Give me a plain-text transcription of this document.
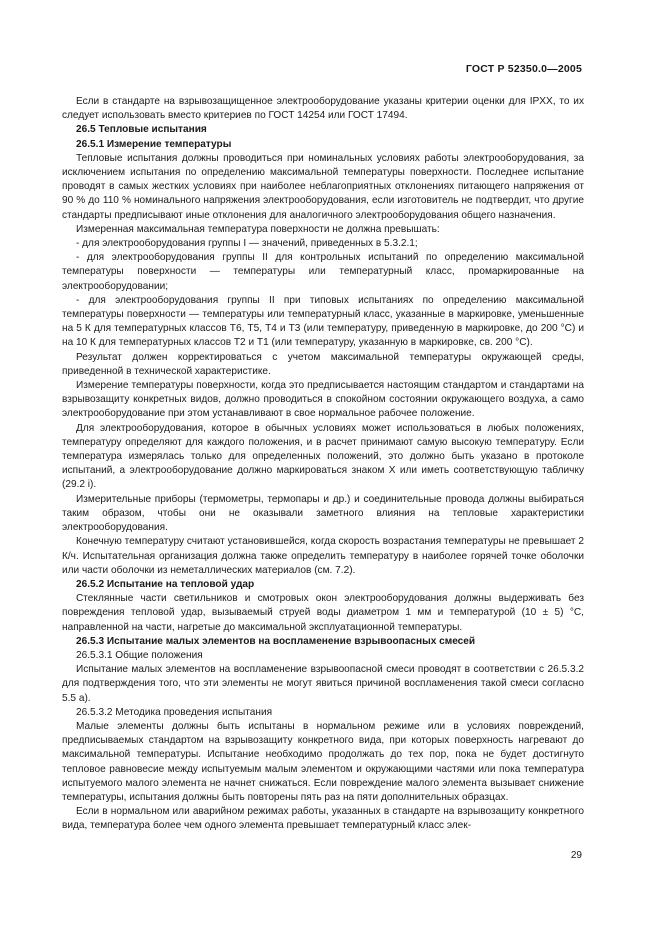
ГОСТ Р 52350.0—2005

Если в стандарте на взрывозащищенное электрооборудование указаны критерии оценки для IPXX, то их следует использовать вместо критериев по ГОСТ 14254 или ГОСТ 17494.

26.5 Тепловые испытания

26.5.1 Измерение температуры

Тепловые испытания должны проводиться при номинальных условиях работы электрооборудования, за исключением испытания по определению максимальной температуры поверхности. Последнее испытание проводят в самых жестких условиях при наиболее неблагоприятных отклонениях питающего напряжения от 90 % до 110 % номинального напряжения электрооборудования, если изготовитель не подтвердит, что другие стандарты предписывают иные отклонения для аналогичного электрооборудования общего назначения.

Измеренная максимальная температура поверхности не должна превышать:

- для электрооборудования группы I — значений, приведенных в 5.3.2.1;

- для электрооборудования группы II для контрольных испытаний по определению максимальной температуры поверхности — температуры или температурный класс, промаркированные на электрооборудовании;

- для электрооборудования группы II при типовых испытаниях по определению максимальной температуры поверхности — температуры или температурный класс, указанные в маркировке, уменьшенные на 5 К для температурных классов Т6, Т5, Т4 и Т3 (или температуру, приведенную в маркировке, до 200 °С) и на 10 К для температурных классов Т2 и Т1 (или температуру, указанную в маркировке, св. 200 °С).

Результат должен корректироваться с учетом максимальной температуры окружающей среды, приведенной в технической характеристике.

Измерение температуры поверхности, когда это предписывается настоящим стандартом и стандартами на взрывозащиту конкретных видов, должно проводиться в спокойном состоянии окружающего воздуха, а само электрооборудование при этом устанавливают в свое нормальное рабочее положение.

Для электрооборудования, которое в обычных условиях может использоваться в любых положениях, температуру определяют для каждого положения, и в расчет принимают самую высокую температуру. Если температура измерялась только для определенных положений, это должно быть указано в протоколе испытаний, а электрооборудование должно маркироваться знаком X или иметь соответствующую табличку (29.2 i).

Измерительные приборы (термометры, термопары и др.) и соединительные провода должны выбираться таким образом, чтобы они не оказывали заметного влияния на тепловые характеристики электрооборудования.

Конечную температуру считают установившейся, когда скорость возрастания температуры не превышает 2 К/ч. Испытательная организация должна также определить температуру в наиболее горячей точке оболочки или части оболочки из неметаллических материалов (см. 7.2).

26.5.2 Испытание на тепловой удар

Стеклянные части светильников и смотровых окон электрооборудования должны выдерживать без повреждения тепловой удар, вызываемый струей воды диаметром 1 мм и температурой (10 ± 5) °С, направленной на части, нагретые до максимальной эксплуатационной температуры.

26.5.3 Испытание малых элементов на воспламенение взрывоопасных смесей

26.5.3.1 Общие положения

Испытание малых элементов на воспламенение взрывоопасной смеси проводят в соответствии с 26.5.3.2 для подтверждения того, что эти элементы не могут явиться причиной воспламенения такой смеси согласно 5.5 а).

26.5.3.2 Методика проведения испытания

Малые элементы должны быть испытаны в нормальном режиме или в условиях повреждений, предписываемых стандартом на взрывозащиту конкретного вида, при которых поверхность нагревают до максимальной температуры. Испытание необходимо продолжать до тех пор, пока не будет достигнуто тепловое равновесие между испытуемым малым элементом и окружающими частями или пока температура испытуемого малого элемента не начнет снижаться. Если повреждение малого элемента вызывает снижение температуры, испытания должны быть повторены пять раз на пяти дополнительных образцах.

Если в нормальном или аварийном режимах работы, указанных в стандарте на взрывозащиту конкретного вида, температура более чем одного элемента превышает температурный класс элек-

29
